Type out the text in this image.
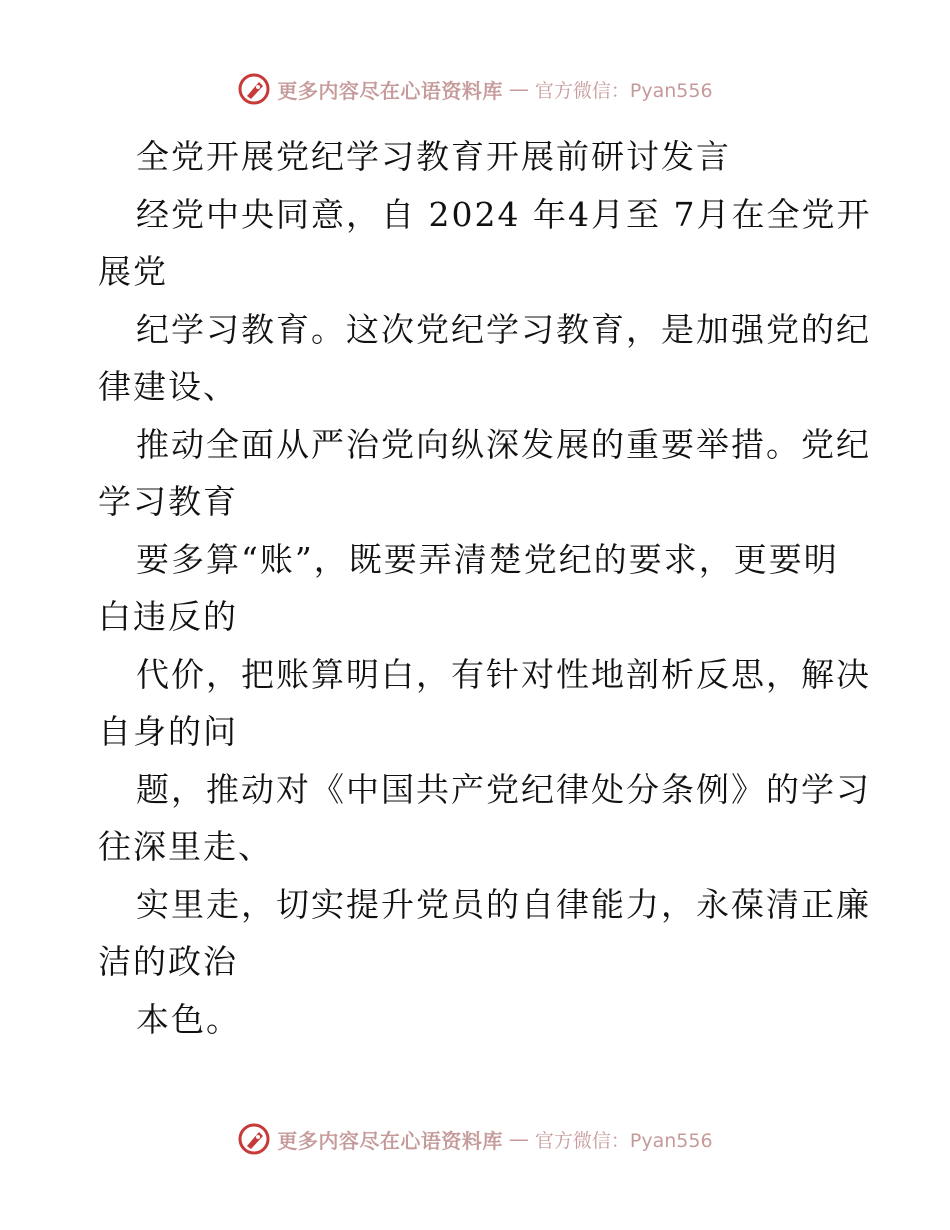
更多内容尽在心语资料库 — 官方微信：Pyan556
全党开展党纪学习教育开展前研讨发言
经党中央同意，自 2024 年4月至 7月在全党开
展党
纪学习教育。这次党纪学习教育，是加强党的纪
律建设、
推动全面从严治党向纵深发展的重要举措。党纪
学习教育
要多算“账”，既要弄清楚党纪的要求，更要明
白违反的
代价，把账算明白，有针对性地剖析反思，解决
自身的问
题，推动对《中国共产党纪律处分条例》的学习
往深里走、
实里走，切实提升党员的自律能力，永葆清正廉
洁的政治
本色。
更多内容尽在心语资料库 — 官方微信：Pyan556
